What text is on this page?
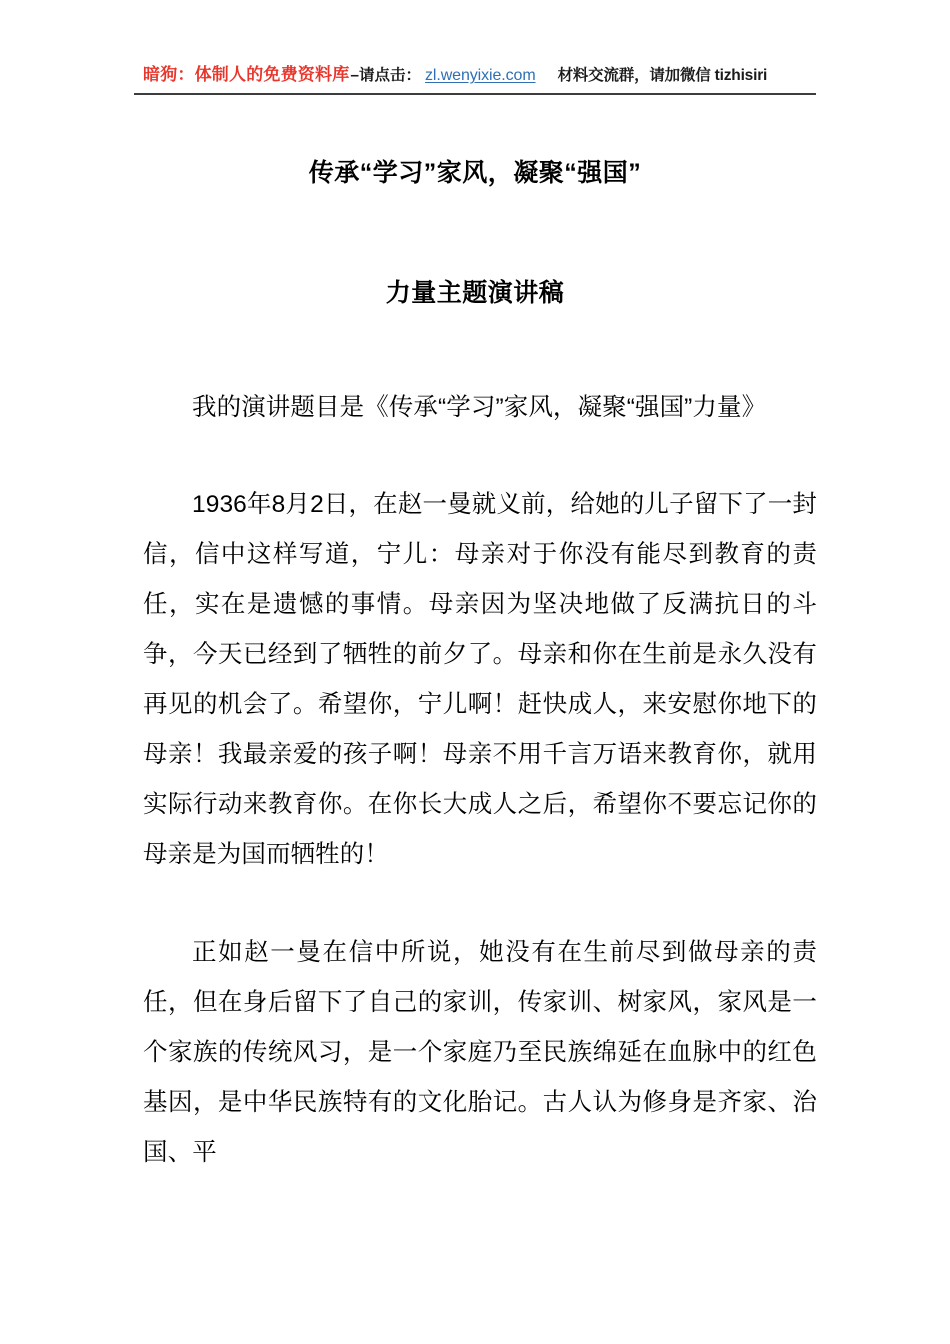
暗狗：体制人的免费资料库 –请点击： zl.wenyixie.com 材料交流群，请加微信 tizhisiri
传承“学习”家风，凝聚“强国”
力量主题演讲稿

我的演讲题目是《传承“学习”家风，凝聚“强国”力量》

1936年8月2日，在赵一曼就义前，给她的儿子留下了一封信，信中这样写道，宁儿：母亲对于你没有能尽到教育的责任，实在是遗憾的事情。母亲因为坚决地做了反满抗日的斗争，今天已经到了牺牲的前夕了。母亲和你在生前是永久没有再见的机会了。希望你，宁儿啊！赶快成人，来安慰你地下的母亲！我最亲爱的孩子啊！母亲不用千言万语来教育你，就用实际行动来教育你。在你长大成人之后，希望你不要忘记你的母亲是为国而牺牲的！

正如赵一曼在信中所说，她没有在生前尽到做母亲的责任，但在身后留下了自己的家训，传家训、树家风，家风是一个家族的传统风习，是一个家庭乃至民族绵延在血脉中的红色基因，是中华民族特有的文化胎记。古人认为修身是齐家、治国、平
